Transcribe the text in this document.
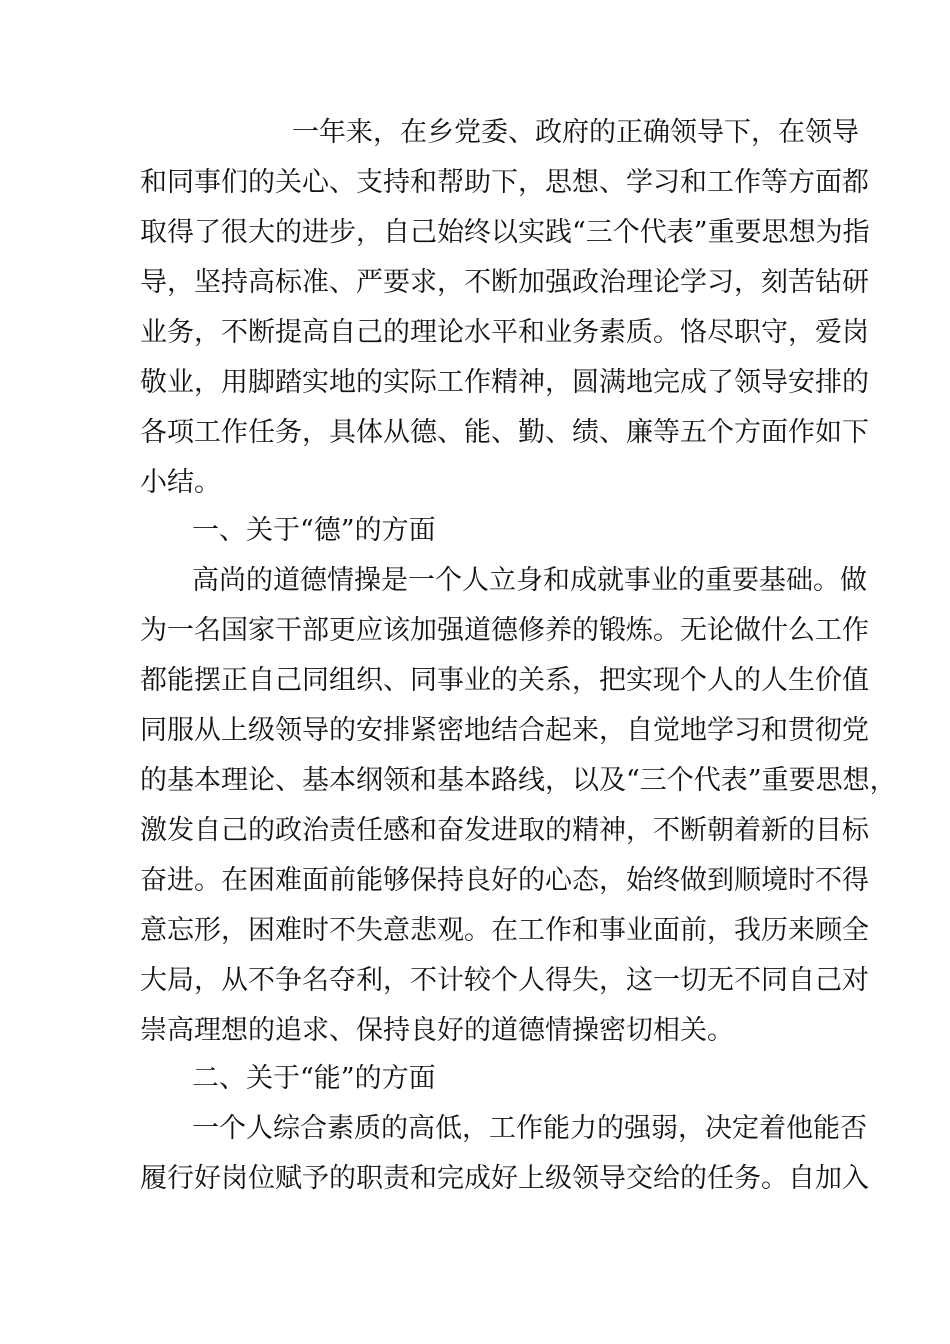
一年来，在乡党委、政府的正确领导下，在领导
和同事们的关心、支持和帮助下，思想、学习和工作等方面都
取得了很大的进步，自己始终以实践“三个代表”重要思想为指
导，坚持高标准、严要求，不断加强政治理论学习，刻苦钻研
业务，不断提高自己的理论水平和业务素质。恪尽职守，爱岗
敬业，用脚踏实地的实际工作精神，圆满地完成了领导安排的
各项工作任务，具体从德、能、勤、绩、廉等五个方面作如下
小结。
一、关于“德”的方面
高尚的道德情操是一个人立身和成就事业的重要基础。做
为一名国家干部更应该加强道德修养的锻炼。无论做什么工作
都能摆正自己同组织、同事业的关系，把实现个人的人生价值
同服从上级领导的安排紧密地结合起来，自觉地学习和贯彻党
的基本理论、基本纲领和基本路线，以及“三个代表”重要思想，
激发自己的政治责任感和奋发进取的精神，不断朝着新的目标
奋进。在困难面前能够保持良好的心态，始终做到顺境时不得
意忘形，困难时不失意悲观。在工作和事业面前，我历来顾全
大局，从不争名夺利，不计较个人得失，这一切无不同自己对
崇高理想的追求、保持良好的道德情操密切相关。
二、关于“能”的方面
一个人综合素质的高低，工作能力的强弱，决定着他能否
履行好岗位赋予的职责和完成好上级领导交给的任务。自加入
